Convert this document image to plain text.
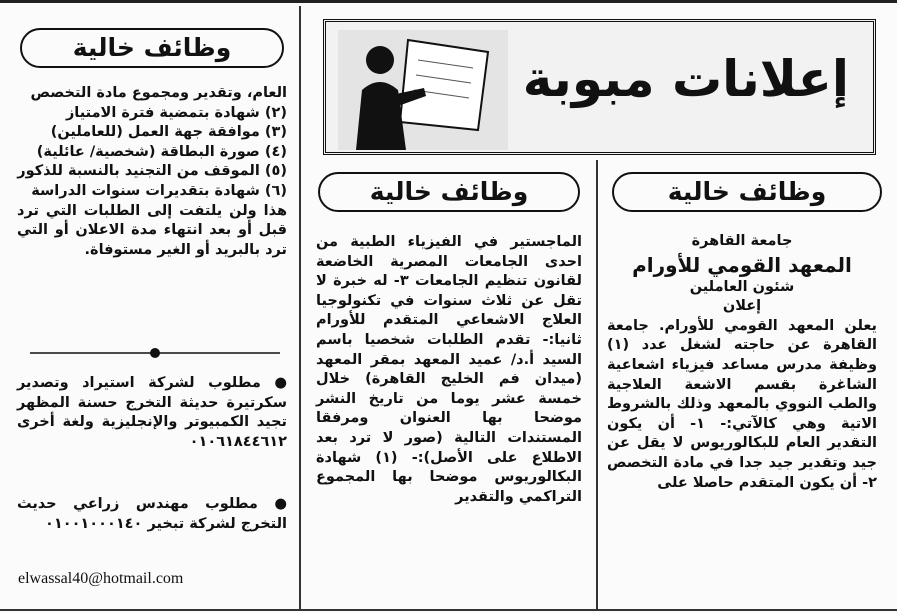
إعلانات مبوبة
وظائف خالية

جامعة القاهرة

المعهد القومي للأورام

شئون العاملين

إعلان

يعلن المعهد القومي للأورام. جامعة القاهرة عن حاجته لشغل عدد (١) وظيفة مدرس مساعد فيزياء اشعاعية الشاغرة بقسم الاشعة العلاجية والطب النووي بالمعهد وذلك بالشروط الاتية وهي كالآتي:- ١- أن يكون التقدير العام للبكالوريوس لا يقل عن جيد وتقدير جيد جدا في مادة التخصص ٢- أن يكون المتقدم حاصلا على

وظائف خالية

الماجستير في الفيزياء الطبية من احدى الجامعات المصرية الخاضعة لقانون تنظيم الجامعات ٣- له خبرة لا تقل عن ثلاث سنوات في تكنولوجيا العلاج الاشعاعي المتقدم للأورام ثانيا:- تقدم الطلبات شخصيا باسم السيد أ.د/ عميد المعهد بمقر المعهد (ميدان فم الخليج القاهرة) خلال خمسة عشر يوما من تاريخ النشر موضحا بها العنوان ومرفقا المستندات التالية (صور لا ترد بعد الاطلاع على الأصل):- (١) شهادة البكالوريوس موضحا بها المجموع التراكمي والتقدير

وظائف خالية

العام، وتقدير ومجموع مادة التخصص

(٢) شهادة بتمضية فترة الامتياز

(٣) موافقة جهة العمل (للعاملين)

(٤) صورة البطاقة (شخصية/ عائلية)

(٥) الموقف من التجنيد بالنسبة للذكور

(٦) شهادة بتقديرات سنوات الدراسة

هذا ولن يلتفت إلى الطلبات التي ترد قبل أو بعد انتهاء مدة الاعلان أو التي ترد بالبريد أو الغير مستوفاة.

● مطلوب لشركة استيراد وتصدير سكرتيرة حديثة التخرج حسنة المظهر تجيد الكمبيوتر والإنجليزية ولغة أخرى ٠١٠٦١٨٤٤٦١٢

● مطلوب مهندس زراعي حديث التخرج لشركة تبخير ٠١٠٠١٠٠٠١٤٠

elwassal40@hotmail.com
